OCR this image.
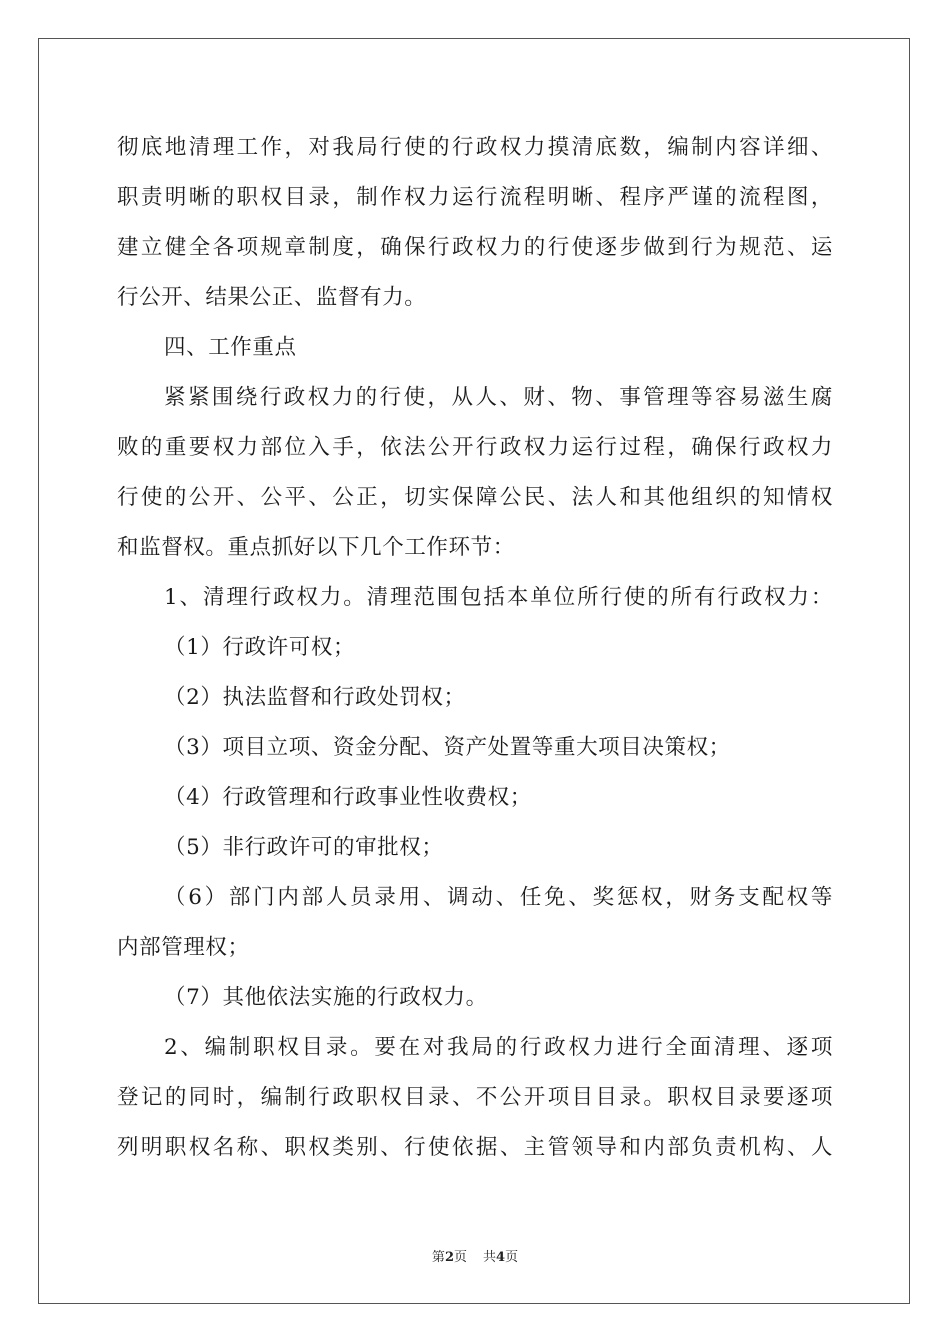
彻底地清理工作，对我局行使的行政权力摸清底数，编制内容详细、
职责明晰的职权目录，制作权力运行流程明晰、程序严谨的流程图，
建立健全各项规章制度，确保行政权力的行使逐步做到行为规范、运
行公开、结果公正、监督有力。
四、工作重点
紧紧围绕行政权力的行使，从人、财、物、事管理等容易滋生腐
败的重要权力部位入手，依法公开行政权力运行过程，确保行政权力
行使的公开、公平、公正，切实保障公民、法人和其他组织的知情权
和监督权。重点抓好以下几个工作环节：
1、清理行政权力。清理范围包括本单位所行使的所有行政权力：
（1）行政许可权；
（2）执法监督和行政处罚权；
（3）项目立项、资金分配、资产处置等重大项目决策权；
（4）行政管理和行政事业性收费权；
（5）非行政许可的审批权；
（6）部门内部人员录用、调动、任免、奖惩权，财务支配权等
内部管理权；
（7）其他依法实施的行政权力。
2、编制职权目录。要在对我局的行政权力进行全面清理、逐项
登记的同时，编制行政职权目录、不公开项目目录。职权目录要逐项
列明职权名称、职权类别、行使依据、主管领导和内部负责机构、人
第2页 共4页
